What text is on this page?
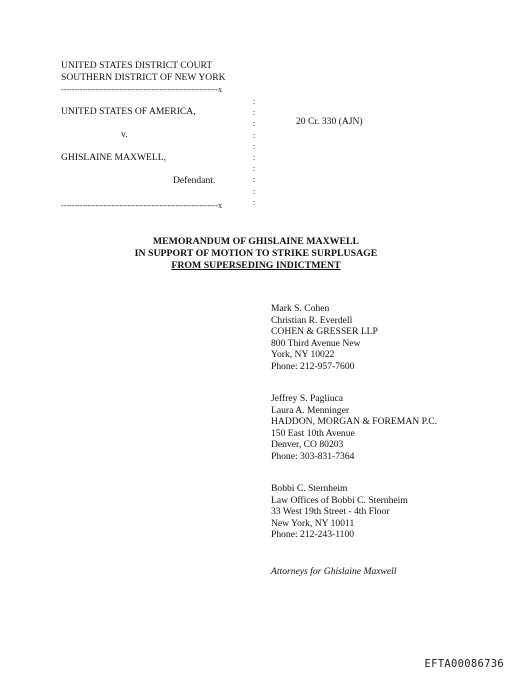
UNITED STATES DISTRICT COURT
SOUTHERN DISTRICT OF NEW YORK
-----------------------------------------------------------x
:
:
:
:
:
:
:
:
:
:
UNITED STATES OF AMERICA,
v.
GHISLAINE MAXWELL,
Defendant.
20 Cr. 330 (AJN)
-----------------------------------------------------------x
MEMORANDUM OF GHISLAINE MAXWELL
IN SUPPORT OF MOTION TO STRIKE SURPLUSAGE
FROM SUPERSEDING INDICTMENT
Mark S. Cohen
Christian R. Everdell
COHEN & GRESSER LLP
800 Third Avenue New
York, NY 10022
Phone: 212-957-7600
Jeffrey S. Pagliuca
Laura A. Menninger
HADDON, MORGAN & FOREMAN P.C.
150 East 10th Avenue
Denver, CO 80203
Phone: 303-831-7364
Bobbi C. Sternheim
Law Offices of Bobbi C. Sternheim
33 West 19th Street - 4th Floor
New York, NY 10011
Phone: 212-243-1100
Attorneys for Ghislaine Maxwell
EFTA00086736
